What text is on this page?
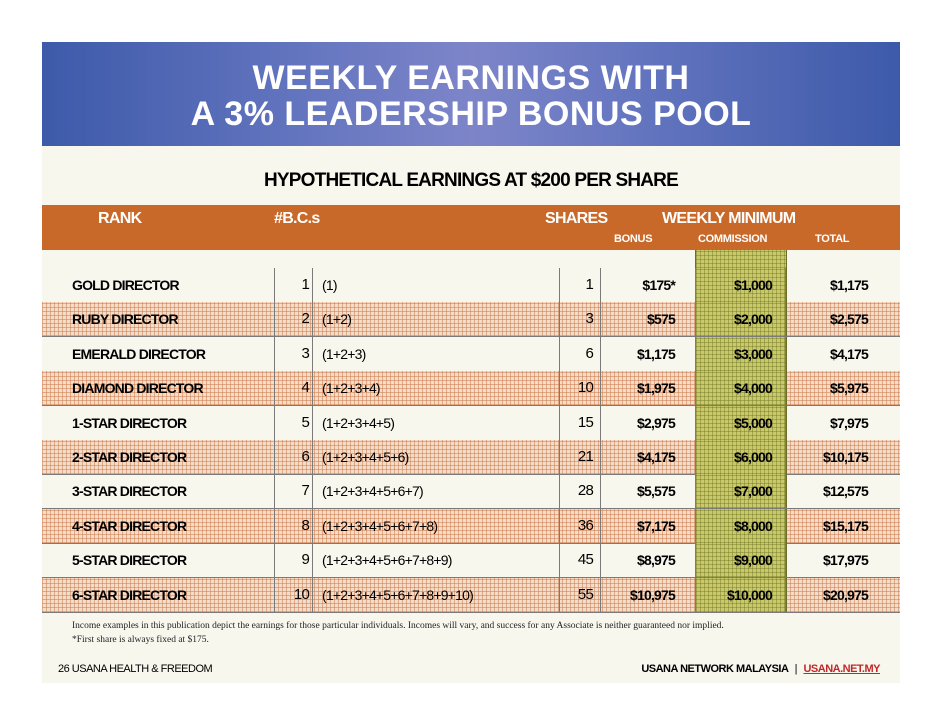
WEEKLY EARNINGS WITH
A 3% LEADERSHIP BONUS POOL
HYPOTHETICAL EARNINGS AT $200 PER SHARE
RANK	#B.C.s	SHARES	WEEKLY MINIMUM
BONUS	COMMISSION	TOTAL
GOLD DIRECTOR	1 (1)	1	$175*	$1,000	$1,175
RUBY DIRECTOR	2 (1+2)	3	$575	$2,000	$2,575
EMERALD DIRECTOR	3 (1+2+3)	6	$1,175	$3,000	$4,175
DIAMOND DIRECTOR	4 (1+2+3+4)	10	$1,975	$4,000	$5,975
1-STAR DIRECTOR	5 (1+2+3+4+5)	15	$2,975	$5,000	$7,975
2-STAR DIRECTOR	6 (1+2+3+4+5+6)	21	$4,175	$6,000	$10,175
3-STAR DIRECTOR	7 (1+2+3+4+5+6+7)	28	$5,575	$7,000	$12,575
4-STAR DIRECTOR	8 (1+2+3+4+5+6+7+8)	36	$7,175	$8,000	$15,175
5-STAR DIRECTOR	9 (1+2+3+4+5+6+7+8+9)	45	$8,975	$9,000	$17,975
6-STAR DIRECTOR	10 (1+2+3+4+5+6+7+8+9+10)	55	$10,975	$10,000	$20,975
Income examples in this publication depict the earnings for those particular individuals. Incomes will vary, and success for any Associate is neither guaranteed nor implied.
*First share is always fixed at $175.
26 USANA HEALTH & FREEDOM	USANA NETWORK MALAYSIA | USANA.NET.MY
